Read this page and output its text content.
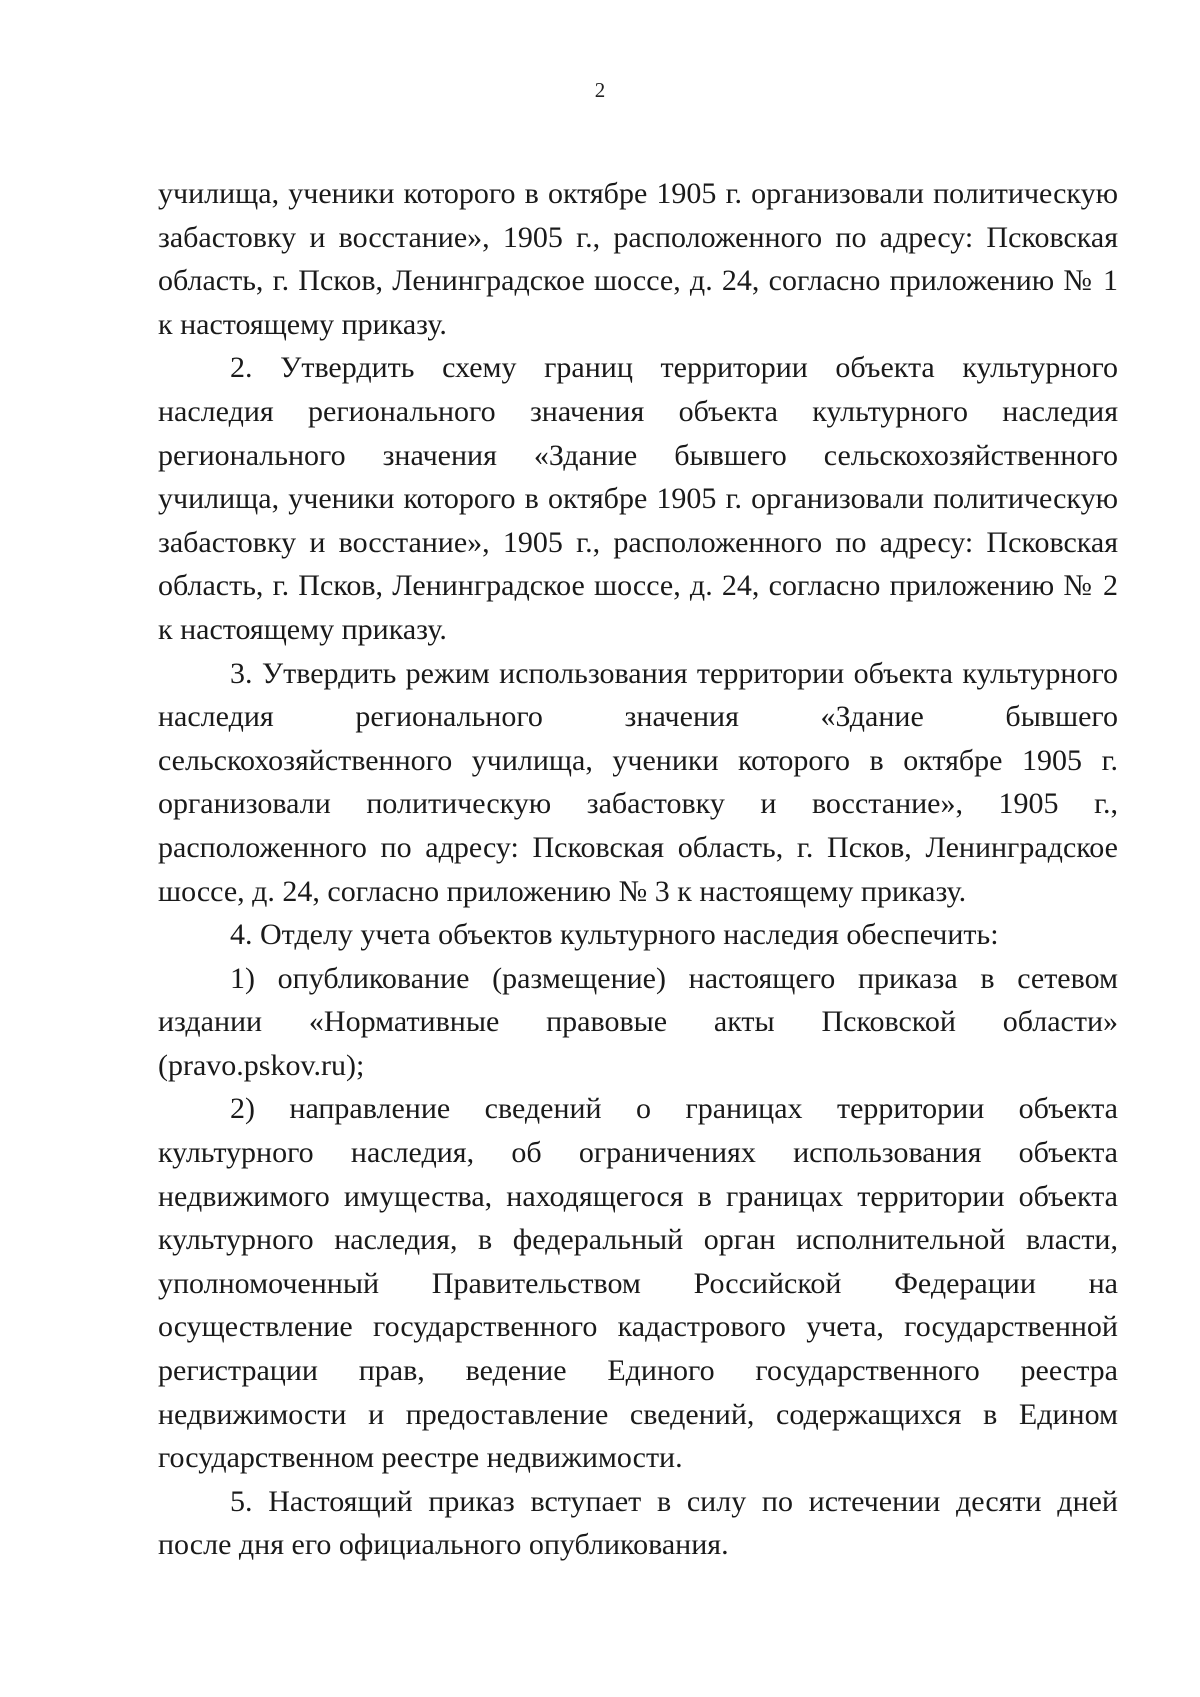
2

училища, ученики которого в октябре 1905 г. организовали политическую забастовку и восстание», 1905 г., расположенного по адресу: Псковская область, г. Псков, Ленинградское шоссе, д. 24, согласно приложению № 1 к настоящему приказу.

2. Утвердить схему границ территории объекта культурного наследия регионального значения объекта культурного наследия регионального значения «Здание бывшего сельскохозяйственного училища, ученики которого в октябре 1905 г. организовали политическую забастовку и восстание», 1905 г., расположенного по адресу: Псковская область, г. Псков, Ленинградское шоссе, д. 24, согласно приложению № 2 к настоящему приказу.

3. Утвердить режим использования территории объекта культурного наследия регионального значения «Здание бывшего сельскохозяйственного училища, ученики которого в октябре 1905 г. организовали политическую забастовку и восстание», 1905 г., расположенного по адресу: Псковская область, г. Псков, Ленинградское шоссе, д. 24, согласно приложению № 3 к настоящему приказу.

4. Отделу учета объектов культурного наследия обеспечить:

1) опубликование (размещение) настоящего приказа в сетевом издании «Нормативные правовые акты Псковской области» (pravo.pskov.ru);

2) направление сведений о границах территории объекта культурного наследия, об ограничениях использования объекта недвижимого имущества, находящегося в границах территории объекта культурного наследия, в федеральный орган исполнительной власти, уполномоченный Правительством Российской Федерации на осуществление государственного кадастрового учета, государственной регистрации прав, ведение Единого государственного реестра недвижимости и предоставление сведений, содержащихся в Едином государственном реестре недвижимости.

5. Настоящий приказ вступает в силу по истечении десяти дней после дня его официального опубликования.
